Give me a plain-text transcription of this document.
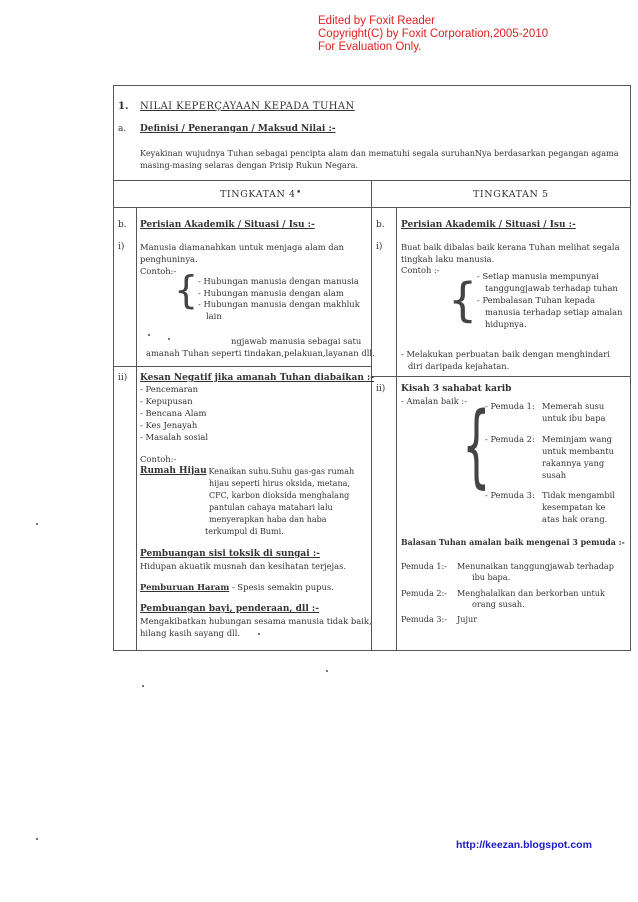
Edited by Foxit Reader
Copyright(C) by Foxit Corporation,2005-2010
For Evaluation Only.
1. NILAI KEPERÇAYAAN KEPADA TUHAN
a. Definisi / Penerangan / Maksud Nilai :-
Keyakinan wujudnya Tuhan sebagai pencipta alam dan mematuhi segala suruhanNya berdasarkan pegangan agama
masing-masing selaras dengan Prisip Rukun Negara.
TINGKATAN 4 •	TINGKATAN 5
b. Perisian Akademik / Situasi / Isu :-
i) Manusia diamanahkan untuk menjaga alam dan
penghuninya.
Contoh:-
{ - Hubungan manusia dengan manusia
- Hubungan manusia dengan alam
- Hubungan manusia dengan makhluk
lain
ngjawab manusia sebagai satu
amanah Tuhan seperti tindakan,pelakuan,layanan dll.
ii) Kesan Negatif jika amanah Tuhan diabaikan :-
- Pencemaran
- Kepupusan
- Bencana Alam
- Kes Jenayah
- Masalah sosial
Contoh:-
Rumah Hijau
– Kenaikan suhu.Suhu gas-gas rumah
hijau seperti hirus oksida, metana,
CFC, karbon dioksida menghalang
pantulan cahaya matahari lalu
menyerapkan haba dan haba
terkumpul di Bumi.
Pembuangan sisi toksik di sungai :-
Hidupan akuatik musnah dan kesihatan terjejas.
Pemburuan Haram - Spesis semakin pupus.
Pembuangan bayi, penderaan, dll :-
Mengakibatkan hubungan sesama manusia tidak baik,
hilang kasih sayang dll.
b. Perisian Akademik / Situasi / Isu :-
i) Buat baik dibalas baik kerana Tuhan melihat segala
tingkah laku manusia.
Contoh :-
{ - Setiap manusia mempunyai
tanggungjawab terhadap tuhan
- Pembalasan Tuhan kepada
manusia terhadap setiap amalan
hidupnya.
- Melakukan perbuatan baik dengan menghindari
diri daripada kejahatan.
ii) Kisah 3 sahabat karib
- Amalan baik :-
{
- Pemuda 1: Memerah susu
untuk ibu bapa
- Pemuda 2: Meminjam wang
untuk membantu
rakannya yang
susah
- Pemuda 3: Tidak mengambil
kesempatan ke
atas hak orang.
Balasan Tuhan amalan baik mengenai 3 pemuda :-
Pemuda 1:- Menunaikan tanggungjawab terhadap
ibu bapa.
Pemuda 2:- Menghalalkan dan berkorban untuk
orang susah.
Pemuda 3:- Jujur
http://keezan.blogspot.com
